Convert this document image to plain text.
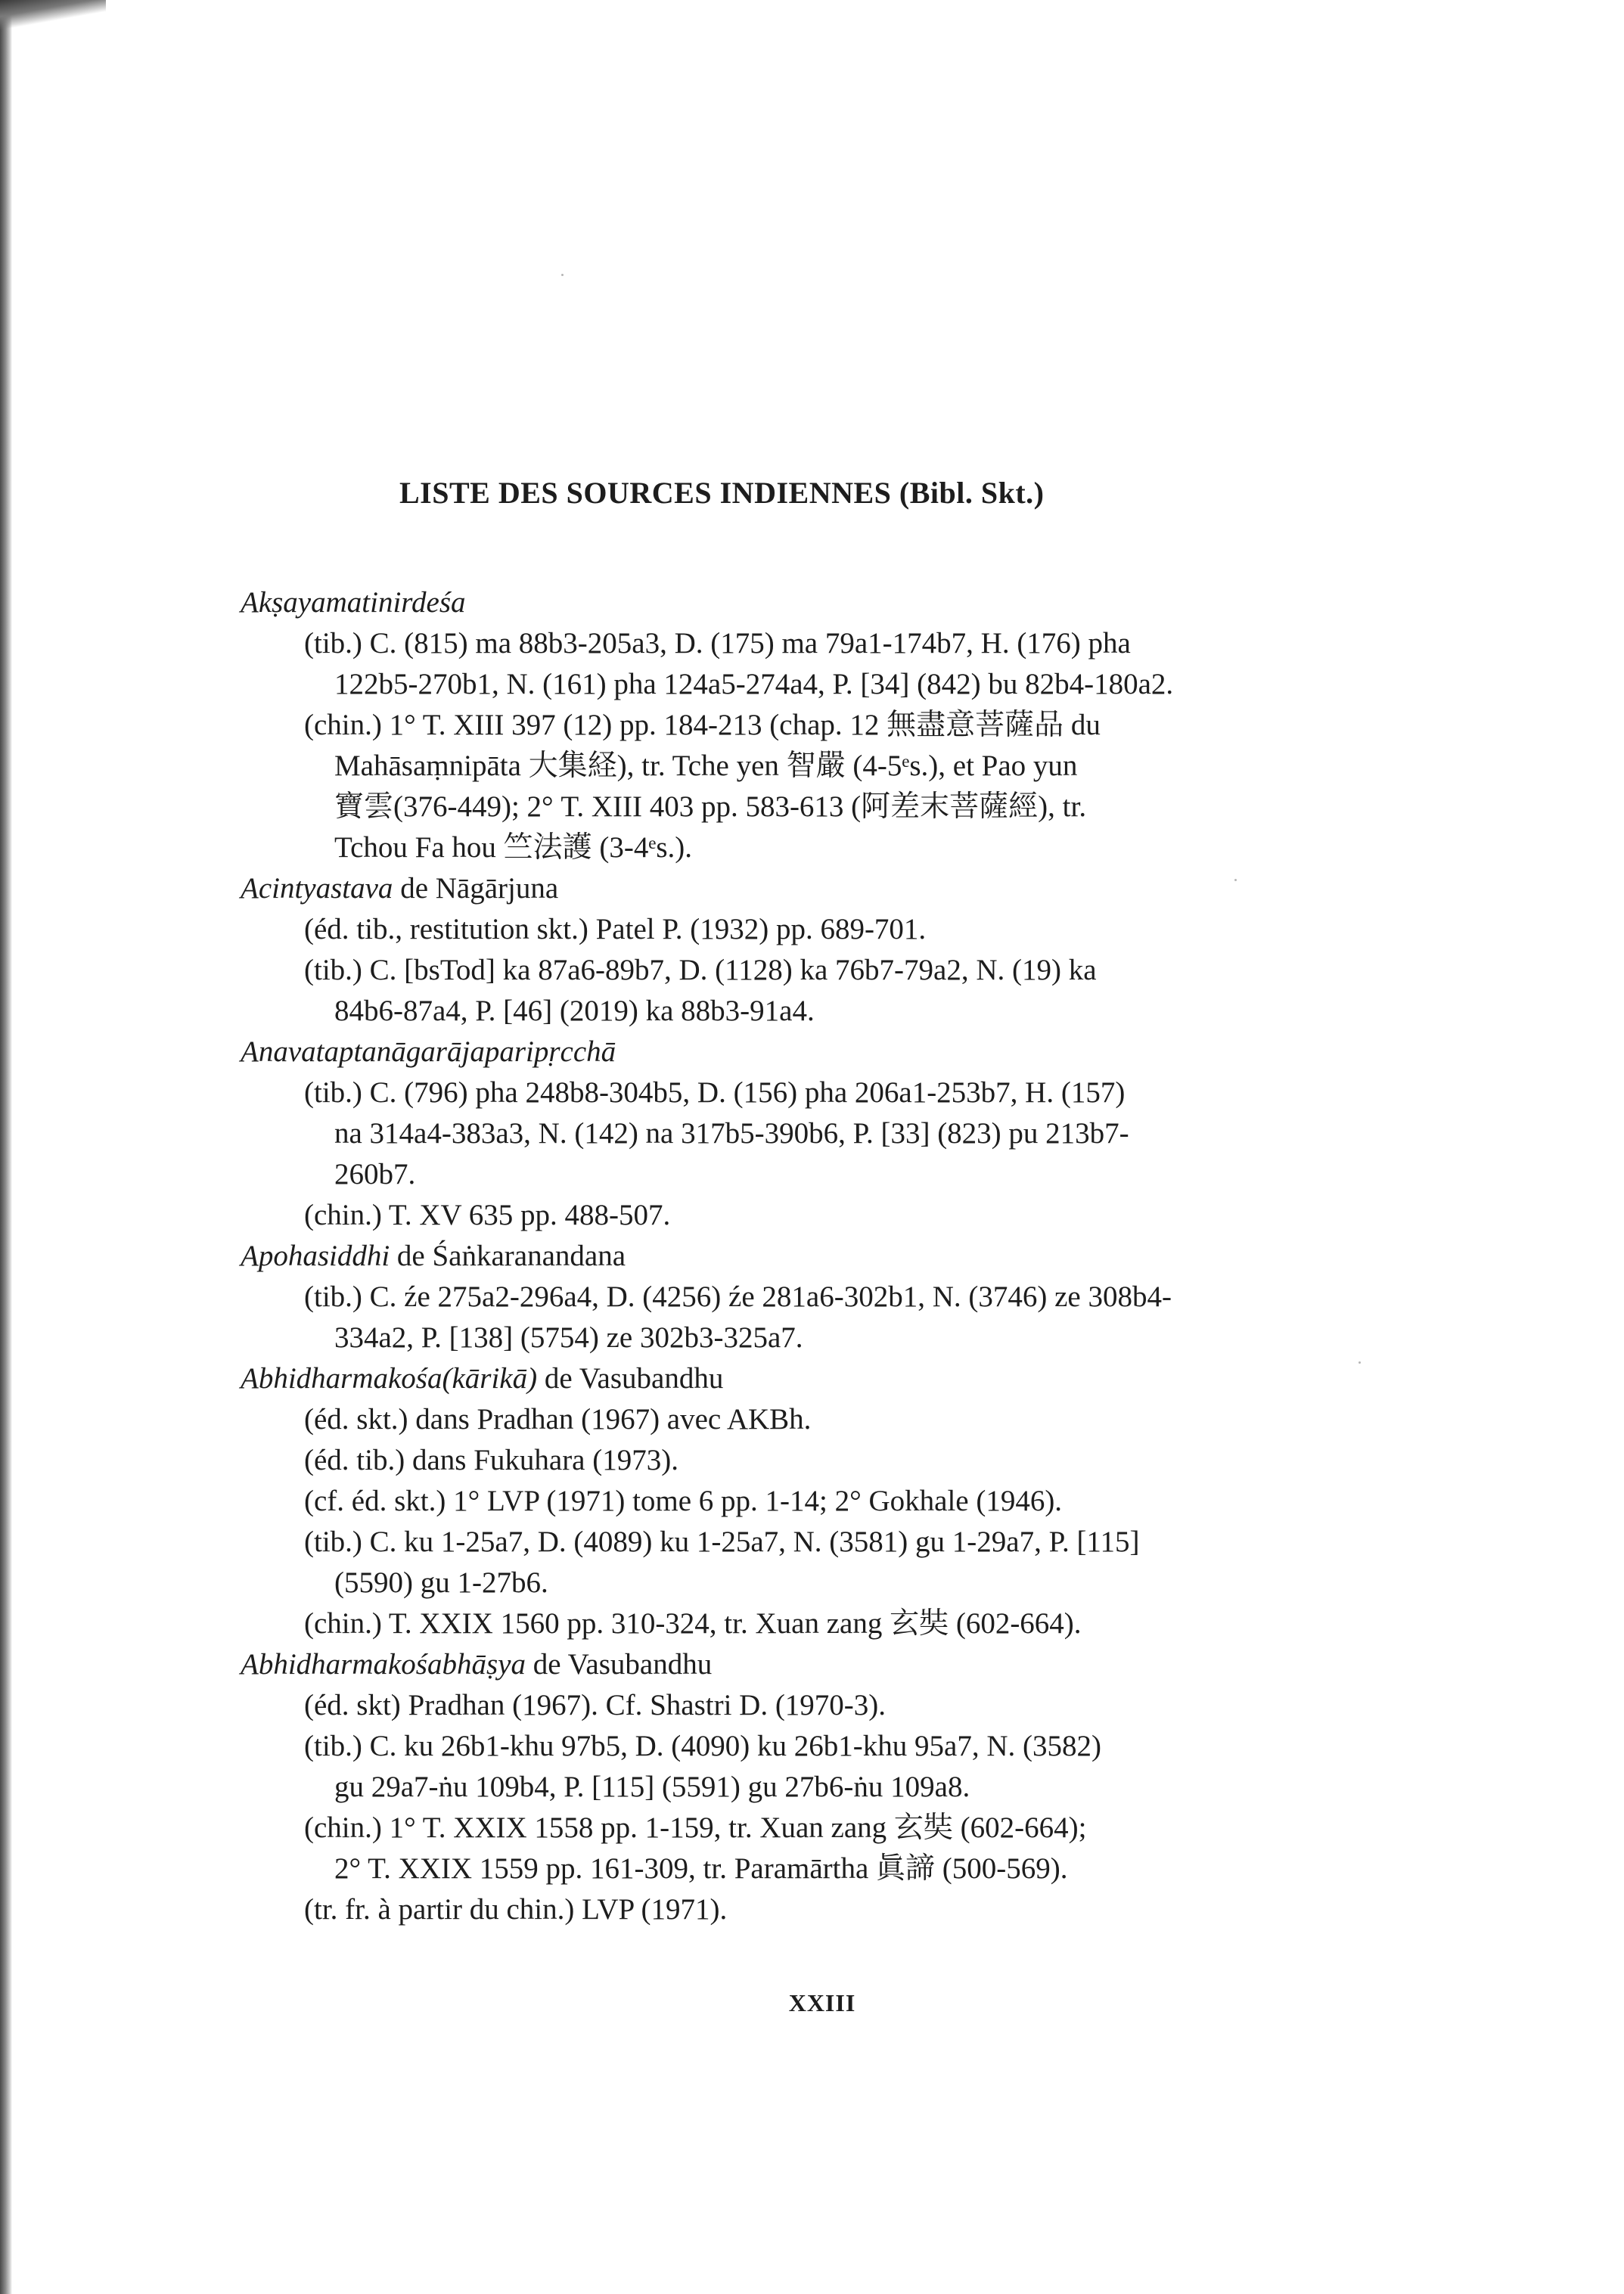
LISTE DES SOURCES INDIENNES (Bibl. Skt.)
Akṣayamatinirdeśa
(tib.) C. (815) ma 88b3-205a3, D. (175) ma 79a1-174b7, H. (176) pha
122b5-270b1, N. (161) pha 124a5-274a4, P. [34] (842) bu 82b4-180a2.
(chin.) 1° T. XIII 397 (12) pp. 184-213 (chap. 12 無盡意菩薩品 du
Mahāsaṃnipāta 大集経), tr. Tche yen 智嚴 (4-5ᵉs.), et Pao yun
寶雲(376-449); 2° T. XIII 403 pp. 583-613 (阿差末菩薩經), tr.
Tchou Fa hou 竺法護 (3-4ᵉs.).
Acintyastava de Nāgārjuna
(éd. tib., restitution skt.) Patel P. (1932) pp. 689-701.
(tib.) C. [bsTod] ka 87a6-89b7, D. (1128) ka 76b7-79a2, N. (19) ka
84b6-87a4, P. [46] (2019) ka 88b3-91a4.
Anavataptanāgarājaparipṛcchā
(tib.) C. (796) pha 248b8-304b5, D. (156) pha 206a1-253b7, H. (157)
na 314a4-383a3, N. (142) na 317b5-390b6, P. [33] (823) pu 213b7-
260b7.
(chin.) T. XV 635 pp. 488-507.
Apohasiddhi de Śaṅkaranandana
(tib.) C. źe 275a2-296a4, D. (4256) źe 281a6-302b1, N. (3746) ze 308b4-
334a2, P. [138] (5754) ze 302b3-325a7.
Abhidharmakośa(kārikā) de Vasubandhu
(éd. skt.) dans Pradhan (1967) avec AKBh.
(éd. tib.) dans Fukuhara (1973).
(cf. éd. skt.) 1° LVP (1971) tome 6 pp. 1-14; 2° Gokhale (1946).
(tib.) C. ku 1-25a7, D. (4089) ku 1-25a7, N. (3581) gu 1-29a7, P. [115]
(5590) gu 1-27b6.
(chin.) T. XXIX 1560 pp. 310-324, tr. Xuan zang 玄奘 (602-664).
Abhidharmakośabhāṣya de Vasubandhu
(éd. skt) Pradhan (1967). Cf. Shastri D. (1970-3).
(tib.) C. ku 26b1-khu 97b5, D. (4090) ku 26b1-khu 95a7, N. (3582)
gu 29a7-ṅu 109b4, P. [115] (5591) gu 27b6-ṅu 109a8.
(chin.) 1° T. XXIX 1558 pp. 1-159, tr. Xuan zang 玄奘 (602-664);
2° T. XXIX 1559 pp. 161-309, tr. Paramārtha 眞諦 (500-569).
(tr. fr. à partir du chin.) LVP (1971).
XXIII
